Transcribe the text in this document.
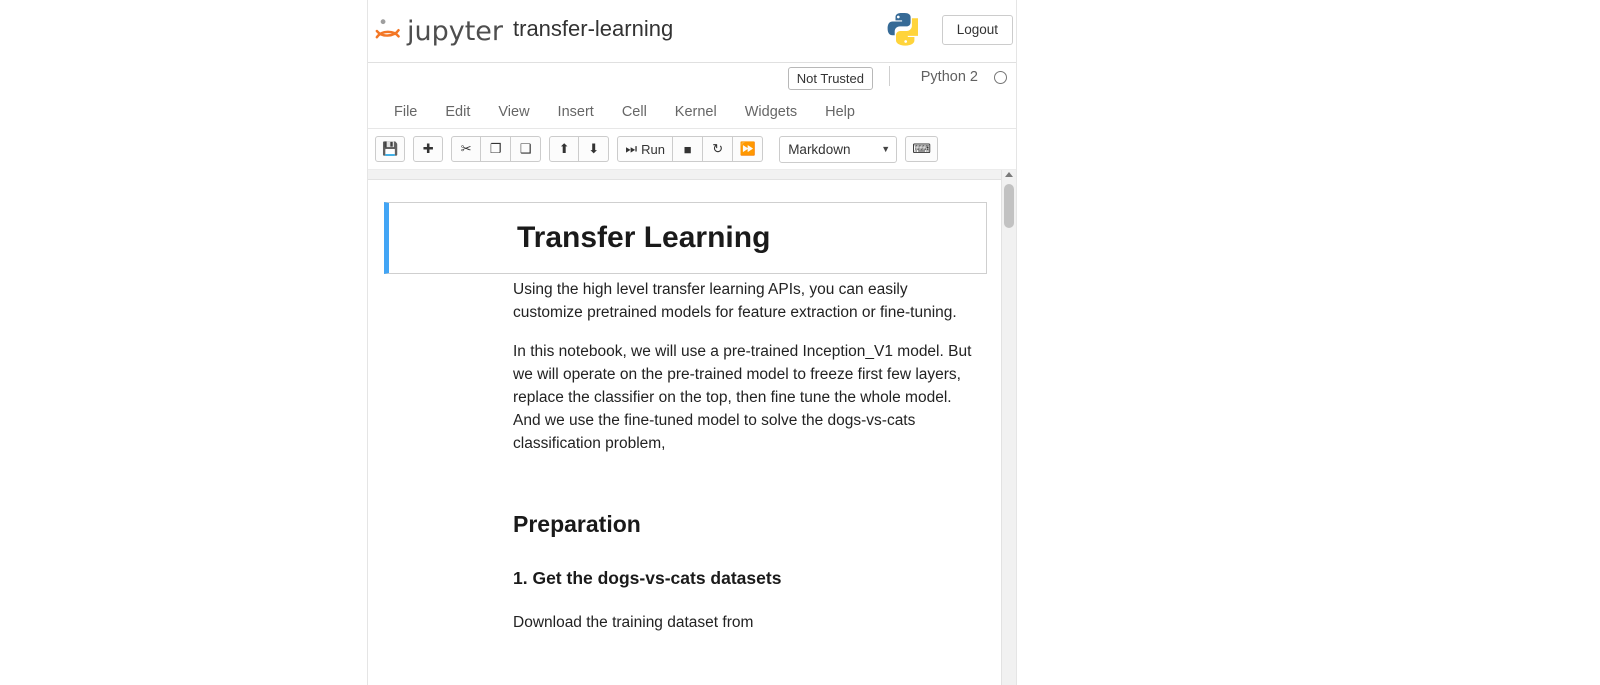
jupyter transfer-learning	Logout
Not Trusted	Python 2
File	Edit	View	Insert	Cell	Kernel	Widgets	Help
💾	✚	✂	❐	❑	⬆	⬇	⏭ Run	■	↻	⏩	Markdown	▼	⌨
Transfer Learning

Using the high level transfer learning APIs, you can easily customize pretrained models for feature extraction or fine-tuning.

In this notebook, we will use a pre-trained Inception_V1 model. But we will operate on the pre-trained model to freeze first few layers, replace the classifier on the top, then fine tune the whole model. And we use the fine-tuned model to solve the dogs-vs-cats classification problem,

Preparation
1. Get the dogs-vs-cats datasets
Download the training dataset from
